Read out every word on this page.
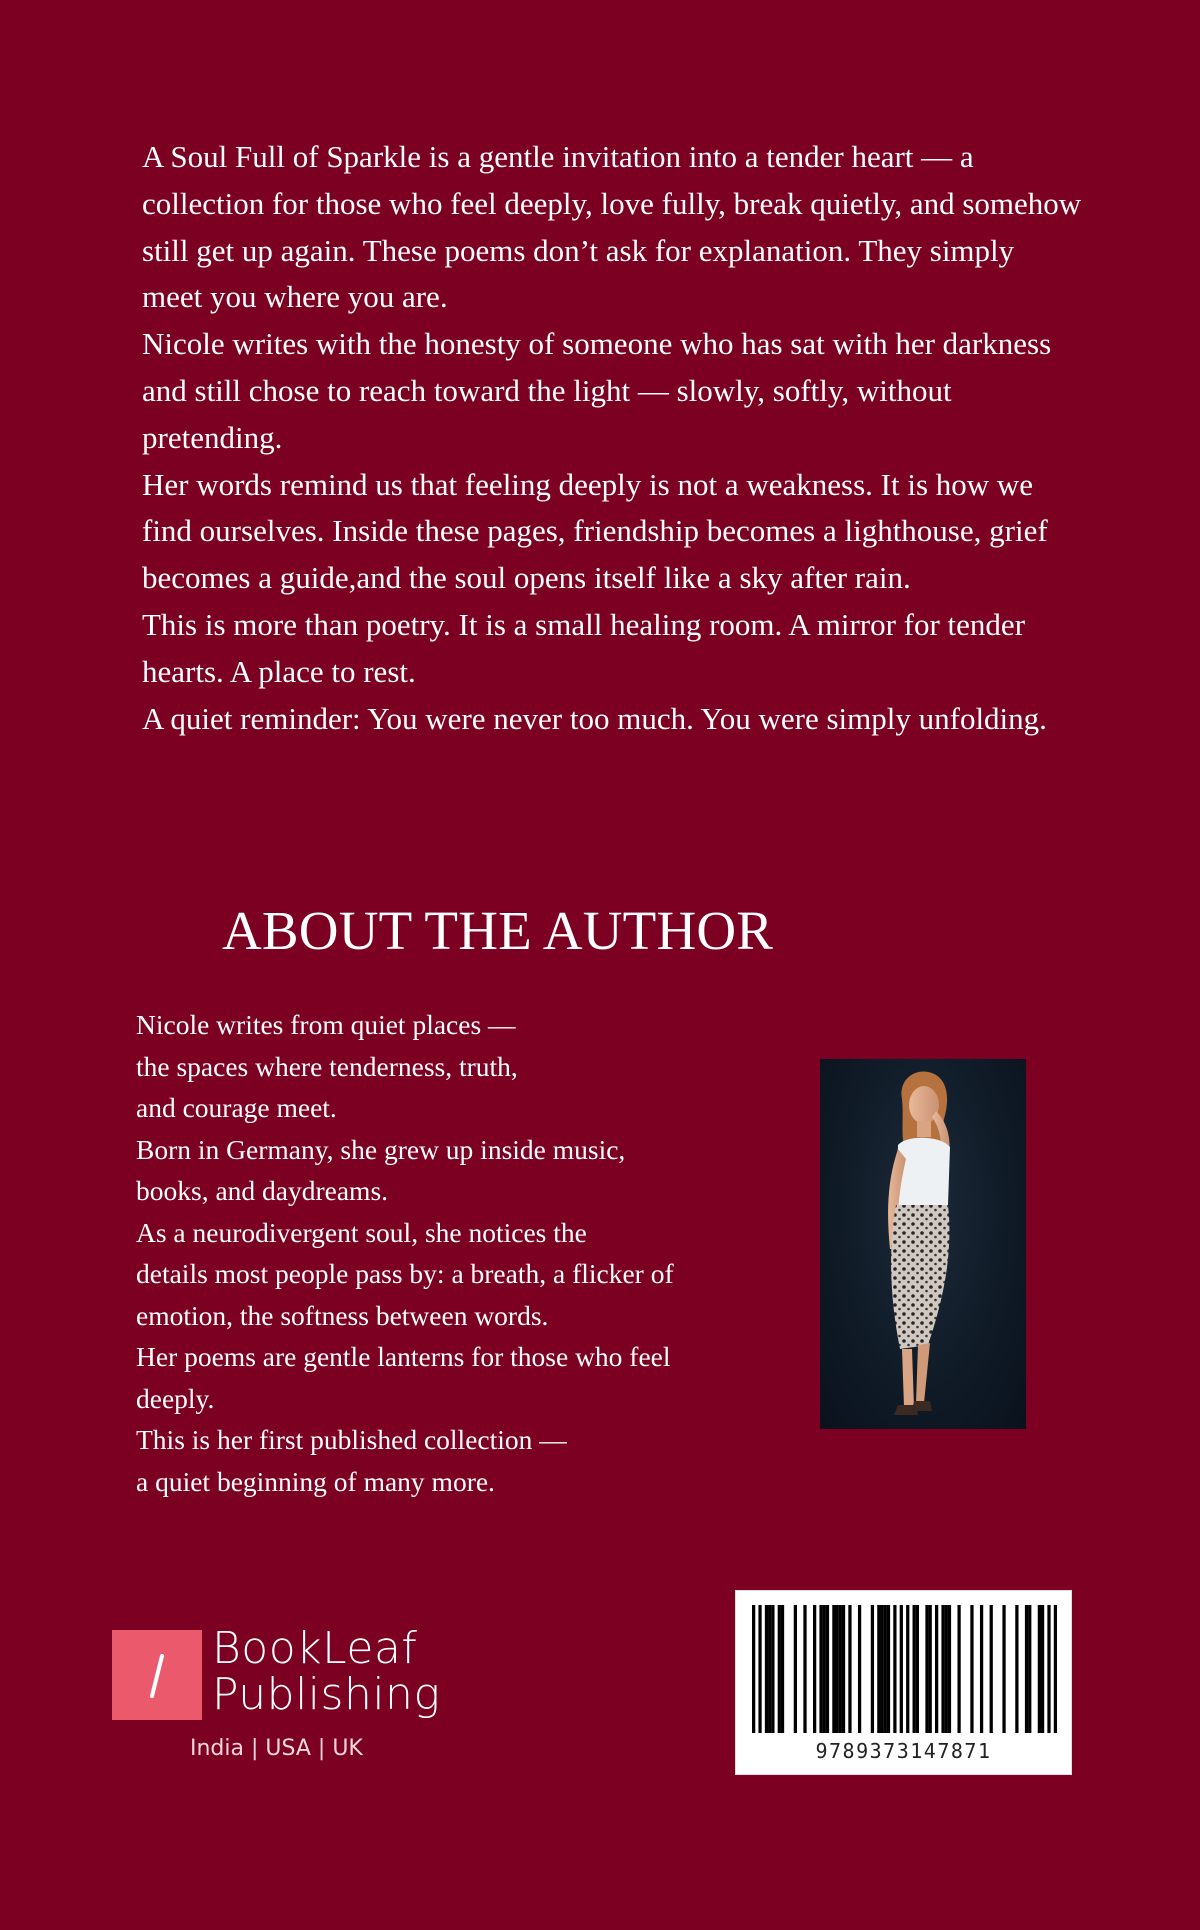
A Soul Full of Sparkle is a gentle invitation into a tender heart — a collection for those who feel deeply, love fully, break quietly, and somehow still get up again. These poems don’t ask for explanation. They simply meet you where you are.

Nicole writes with the honesty of someone who has sat with her darkness and still chose to reach toward the light — slowly, softly, without pretending.

Her words remind us that feeling deeply is not a weakness. It is how we find ourselves. Inside these pages, friendship becomes a lighthouse, grief becomes a guide,and the soul opens itself like a sky after rain.

This is more than poetry. It is a small healing room. A mirror for tender hearts. A place to rest.

A quiet reminder: You were never too much. You were simply unfolding.

ABOUT THE AUTHOR

Nicole writes from quiet places —

the spaces where tenderness, truth,

and courage meet.

Born in Germany, she grew up inside music,

books, and daydreams.

As a neurodivergent soul, she notices the

details most people pass by: a breath, a flicker of

emotion, the softness between words.

Her poems are gentle lanterns for those who feel

deeply.

This is her first published collection —

a quiet beginning of many more.

BookLeaf
Publishing
India | USA | UK	9789373147871
